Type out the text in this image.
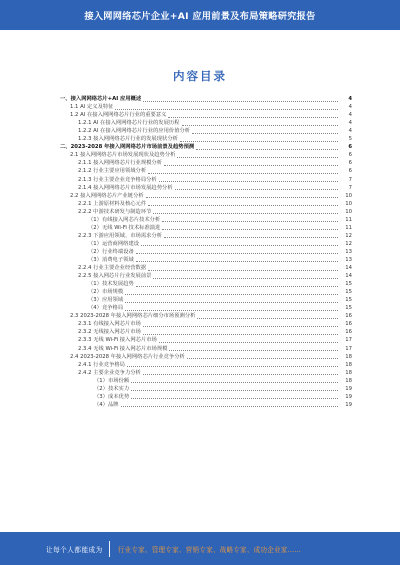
接入网网络芯片企业+AI 应用前景及布局策略研究报告
内容目录
一、接入网网络芯片+AI 应用概述	4
1.1 AI 定义及特征	4
1.2 AI 在接入网网络芯片行业的重要意义	4
1.2.1 AI 在接入网网络芯片行业的发展历程	4
1.2.2 AI 在接入网网络芯片行业的应用价值分析	4
1.2.3 接入网网络芯片行业的发展现状分析	5
二、2023-2028 年接入网网络芯片市场前景及趋势预测	6
2.1 接入网网络芯片市场发展现状及趋势分析	6
2.1.1 接入网网络芯片行业规模分析	6
2.1.2 行业主要应用领域分析	6
2.1.3 行业主要企业竞争格局分析	7
2.1.4 接入网网络芯片市场发展趋势分析	7
2.2 接入网网络芯片产业链分析	10
2.2.1 上游原材料及核心元件	10
2.2.2 中游技术研发与制造环节	10
（1）有线接入网芯片技术分析	11
（2）无线 Wi-Fi 技术标准演进	11
2.2.3 下游应用领域、市场需求分析	12
（1）运营商网络建设	12
（2）行业终端设备	13
（3）消费电子领域	13
2.2.4 行业主要企业经营数据	14
2.2.5 接入网芯片行业发展前景	14
（1）技术发展趋势	15
（2）市场规模	15
（3）应用领域	15
（4）竞争格局	15
2.3 2023-2028 年接入网网络芯片细分市场预测分析	16
2.3.1 有线接入网芯片市场	16
2.3.2 无线接入网芯片市场	16
2.3.3 无线 Wi-Fi 接入网芯片市场	17
2.3.4 无线 Wi-Fi 接入网芯片市场规模	17
2.4 2023-2028 年接入网网络芯片行业竞争分析	18
2.4.1 行业竞争格局	18
2.4.2 主要企业竞争力分析	18
（1）市场份额	18
（2）技术实力	19
（3）成本优势	19
（4）品牌	19
让每个人都能成为 行业专家、管理专家、营销专家、战略专家、成功企业家……
